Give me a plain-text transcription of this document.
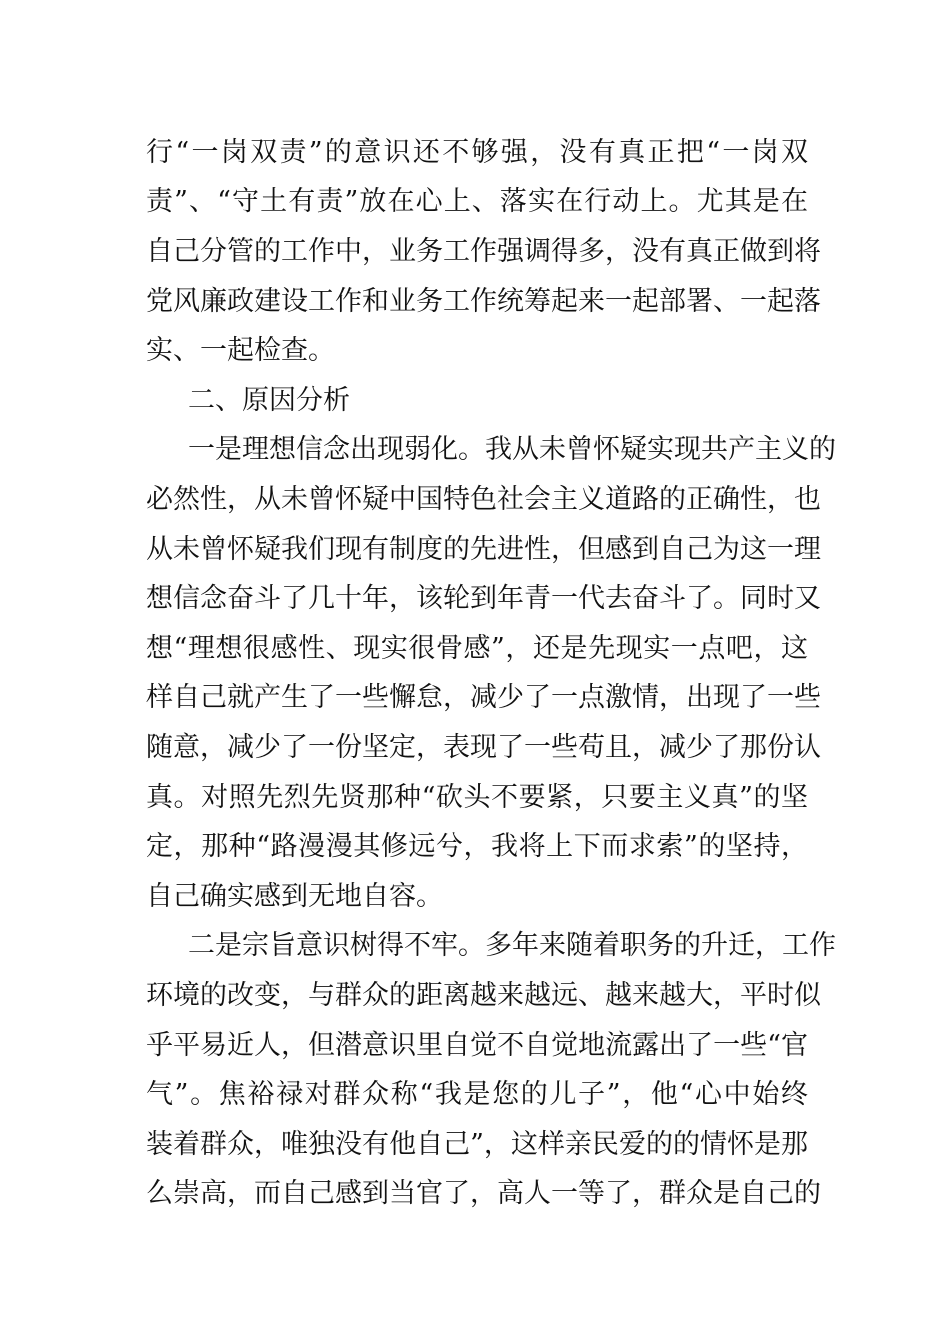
行“一岗双责”的意识还不够强，没有真正把“一岗双
责”、“守土有责”放在心上、落实在行动上。尤其是在
自己分管的工作中，业务工作强调得多，没有真正做到将
党风廉政建设工作和业务工作统筹起来一起部署、一起落
实、一起检查。
二、原因分析
一是理想信念出现弱化。我从未曾怀疑实现共产主义的
必然性，从未曾怀疑中国特色社会主义道路的正确性，也
从未曾怀疑我们现有制度的先进性，但感到自己为这一理
想信念奋斗了几十年，该轮到年青一代去奋斗了。同时又
想“理想很感性、现实很骨感”，还是先现实一点吧，这
样自己就产生了一些懈怠，减少了一点激情，出现了一些
随意，减少了一份坚定，表现了一些苟且，减少了那份认
真。对照先烈先贤那种“砍头不要紧，只要主义真”的坚
定，那种“路漫漫其修远兮，我将上下而求索”的坚持，
自己确实感到无地自容。
二是宗旨意识树得不牢。多年来随着职务的升迁，工作
环境的改变，与群众的距离越来越远、越来越大，平时似
乎平易近人，但潜意识里自觉不自觉地流露出了一些“官
气”。焦裕禄对群众称“我是您的儿子”，他“心中始终
装着群众，唯独没有他自己”，这样亲民爱的的情怀是那
么崇高，而自己感到当官了，高人一等了，群众是自己的
